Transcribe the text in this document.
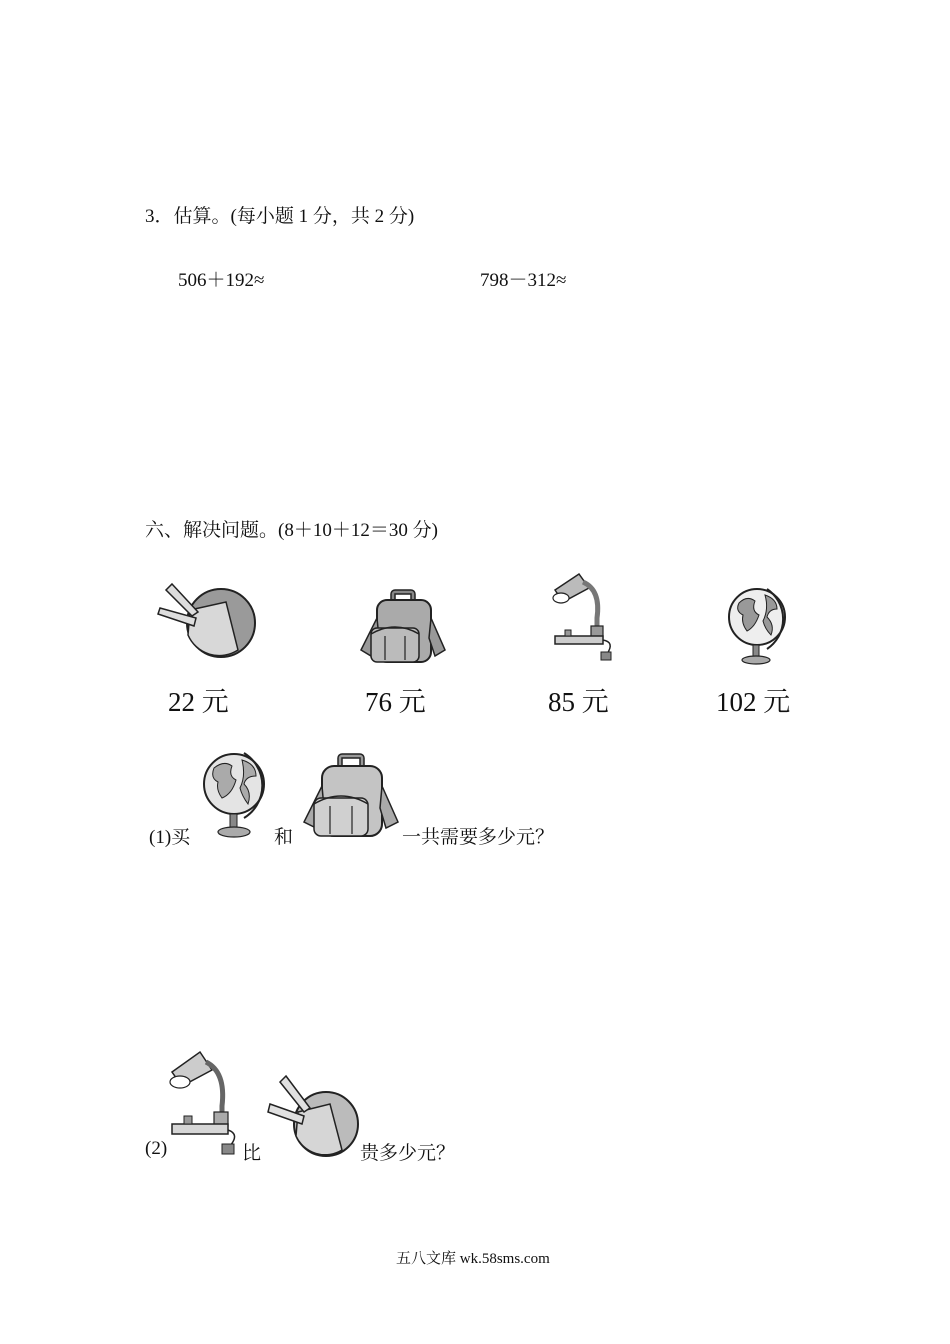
3．估算。(每小题 1 分，共 2 分)
506＋192≈	798－312≈
六、解决问题。(8＋10＋12＝30 分)
22 元	76 元	85 元	102 元
(1)买	和	一共需要多少元？
(2)	比	贵多少元？
五八文库 wk.58sms.com
